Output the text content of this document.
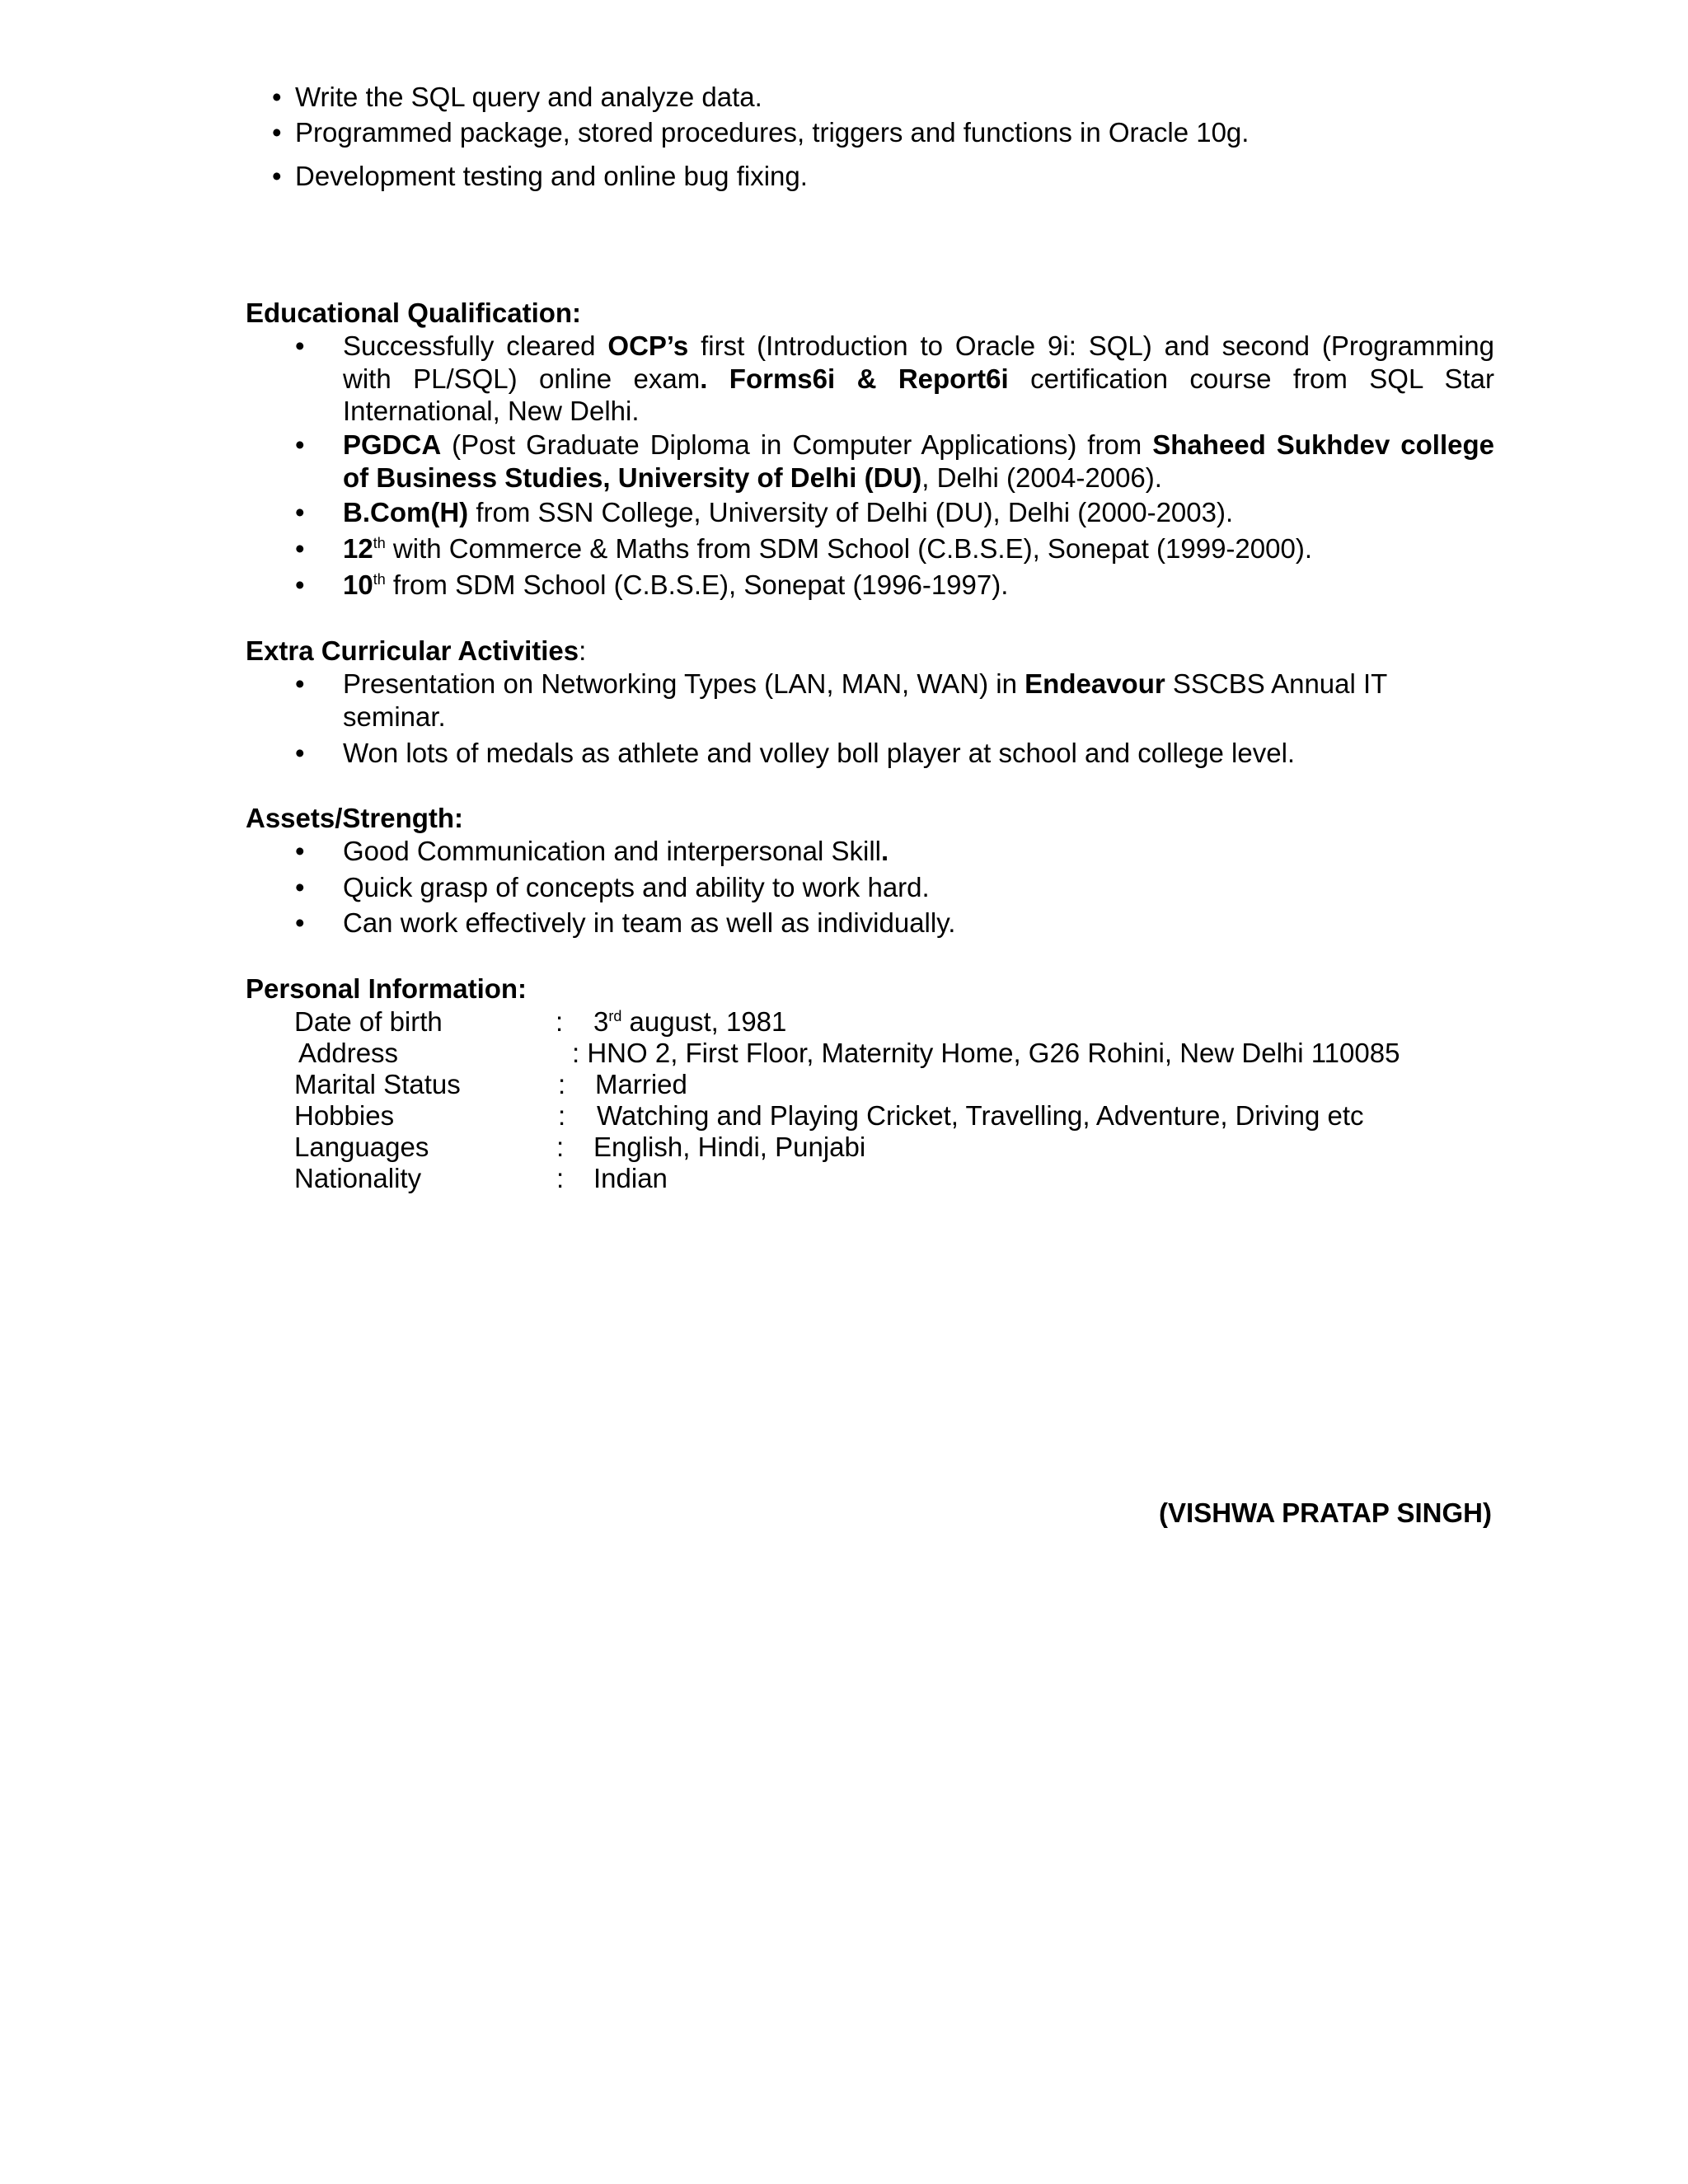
• Write the SQL query and analyze data.
• Programmed package, stored procedures, triggers and functions in Oracle 10g.
• Development testing and online bug fixing.
Educational Qualification:
• Successfully cleared OCP’s first (Introduction to Oracle 9i: SQL) and second (Programming
with PL/SQL) online exam. Forms6i & Report6i certification course from SQL Star
International, New Delhi.
• PGDCA (Post Graduate Diploma in Computer Applications) from Shaheed Sukhdev college
of Business Studies, University of Delhi (DU), Delhi (2004-2006).
• B.Com(H) from SSN College, University of Delhi (DU), Delhi (2000-2003).
• 12th with Commerce & Maths from SDM School (C.B.S.E), Sonepat (1999-2000).
• 10th from SDM School (C.B.S.E), Sonepat (1996-1997).
Extra Curricular Activities:
• Presentation on Networking Types (LAN, MAN, WAN) in Endeavour SSCBS Annual IT
seminar.
• Won lots of medals as athlete and volley boll player at school and college level.
Assets/Strength:
• Good Communication and interpersonal Skill.
• Quick grasp of concepts and ability to work hard.
• Can work effectively in team as well as individually.
Personal Information:
Date of birth	: 3rd august, 1981
Address	: HNO 2, First Floor, Maternity Home, G26 Rohini, New Delhi 110085
Marital Status	: Married
Hobbies	: Watching and Playing Cricket, Travelling, Adventure, Driving etc
Languages	: English, Hindi, Punjabi
Nationality	: Indian
(VISHWA PRATAP SINGH)
